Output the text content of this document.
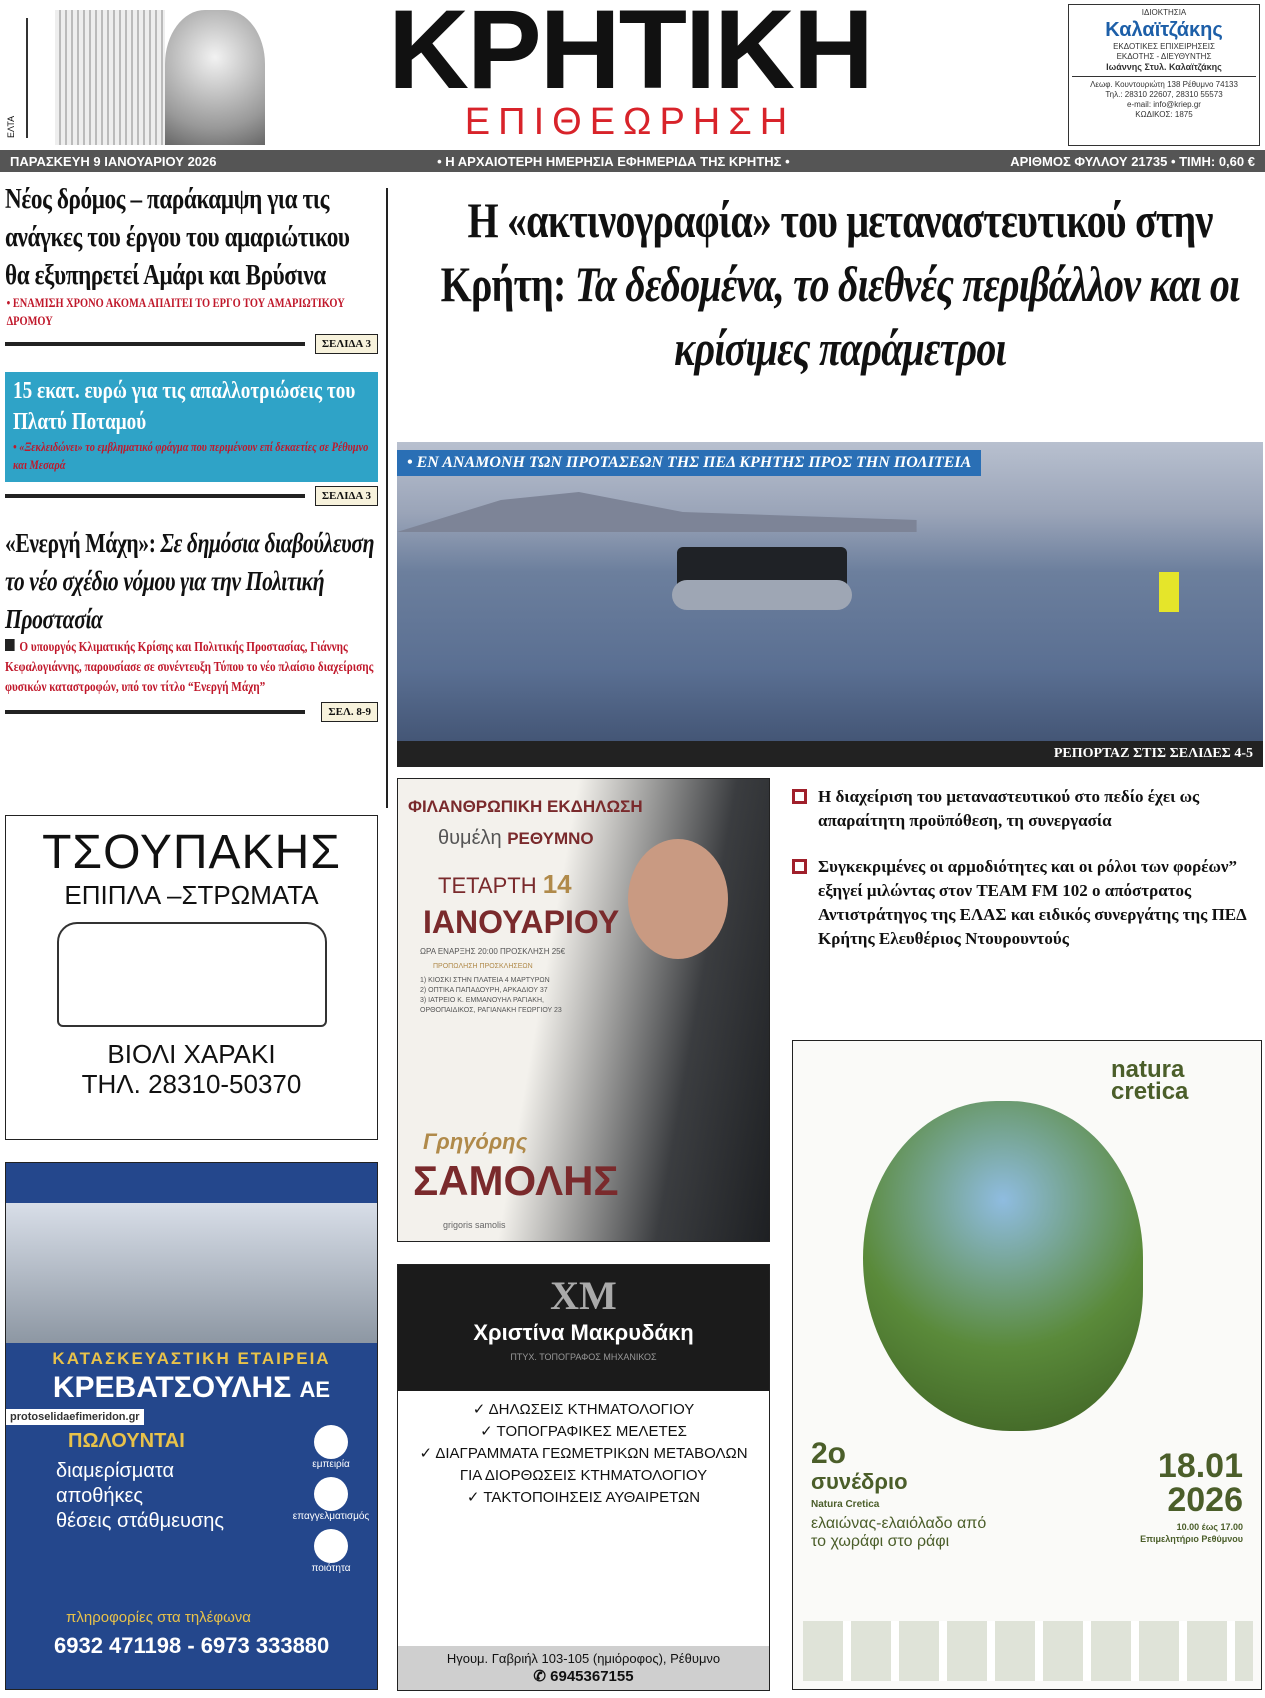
ΕΛΤΑ
ΚΡΗΤΙΚΗ
ΕΠΙΘΕΩΡΗΣΗ
ΙΔΙΟΚΤΗΣΙΑ
Καλαϊτζάκης
ΕΚΔΟΤΙΚΕΣ ΕΠΙΧΕΙΡΗΣΕΙΣ
ΕΚΔΟΤΗΣ - ΔΙΕΥΘΥΝΤΗΣ
Ιωάννης Στυλ. Καλαϊτζάκης
Λεωφ. Κουντουριώτη 138 Ρέθυμνο 74133
Τηλ.: 28310 22607, 28310 55573
e-mail: info@kriep.gr
ΚΩΔΙΚΟΣ: 1875
ΠΑΡΑΣΚΕΥΗ 9 ΙΑΝΟΥΑΡΙΟΥ 2026	• Η ΑΡΧΑΙΟΤΕΡΗ ΗΜΕΡΗΣΙΑ ΕΦΗΜΕΡΙΔΑ ΤΗΣ ΚΡΗΤΗΣ •	ΑΡΙΘΜΟΣ ΦΥΛΛΟΥ 21735 • ΤΙΜΗ: 0,60 €
Νέος δρόμος – παράκαμψη για τις ανάγκες του έργου του αμαριώτικου θα εξυπηρετεί Αμάρι και Βρύσινα
• ΕΝΑΜΙΣΗ ΧΡΟΝΟ ΑΚΟΜΑ ΑΠΑΙΤΕΙ ΤΟ ΕΡΓΟ ΤΟΥ ΑΜΑΡΙΩΤΙΚΟΥ ΔΡΟΜΟΥ
ΣΕΛΙΔΑ 3
15 εκατ. ευρώ για τις απαλλοτριώσεις του Πλατύ Ποταμού
• «Ξεκλειδώνει» το εμβληματικό φράγμα που περιμένουν επί δεκαετίες σε Ρέθυμνο και Μεσαρά
ΣΕΛΙΔΑ 3
«Ενεργή Μάχη»: Σε δημόσια διαβούλευση το νέο σχέδιο νόμου για την Πολιτική Προστασία
Ο υπουργός Κλιματικής Κρίσης και Πολιτικής Προστασίας, Γιάννης Κεφαλογιάννης, παρουσίασε σε συνέντευξη Τύπου το νέο πλαίσιο διαχείρισης φυσικών καταστροφών, υπό τον τίτλο “Ενεργή Μάχη”
ΣΕΛ. 8-9
Η «ακτινογραφία» του μεταναστευτικού στην Κρήτη: Τα δεδομένα, το διεθνές περιβάλλον και οι κρίσιμες παράμετροι
• ΕΝ ΑΝΑΜΟΝΗ ΤΩΝ ΠΡΟΤΑΣΕΩΝ ΤΗΣ ΠΕΔ ΚΡΗΤΗΣ ΠΡΟΣ ΤΗΝ ΠΟΛΙΤΕΙΑ
ΡΕΠΟΡΤΑΖ ΣΤΙΣ ΣΕΛΙΔΕΣ 4-5
Η διαχείριση του μεταναστευτικού στο πεδίο έχει ως απαραίτητη προϋπόθεση, τη συνεργασία
Συγκεκριμένες οι αρμοδιότητες και οι ρόλοι των φορέων” εξηγεί μιλώντας στον TEAM FM 102 ο απόστρατος Αντιστράτηγος της ΕΛΑΣ και ειδικός συνεργάτης της ΠΕΔ Κρήτης Ελευθέριος Ντουρουντούς
ΤΣΟΥΠΑΚΗΣ
ΕΠΙΠΛΑ –ΣΤΡΩΜΑΤΑ
ΒΙΟΛΙ ΧΑΡΑΚΙ
ΤΗΛ. 28310-50370
ΚΑΤΑΣΚΕΥΑΣΤΙΚΗ ΕΤΑΙΡΕΙΑ
ΚΡΕΒΑΤΣΟΥΛΗΣ ΑΕ
protoselidaefimeridon.gr
ΠΩΛΟΥΝΤΑΙ
διαμερίσματα
αποθήκες
θέσεις στάθμευσης
εμπειρία
επαγγελματισμός
ποιότητα
πληροφορίες στα τηλέφωνα
6932 471198 - 6973 333880
ΦΙΛΑΝΘΡΩΠΙΚΗ ΕΚΔΗΛΩΣΗ
θυμέλη ΡΕΘΥΜΝΟ
ΤΕΤΑΡΤΗ 14
ΙΑΝΟΥΑΡΙΟΥ
ΩΡΑ ΕΝΑΡΞΗΣ 20:00 ΠΡΟΣΚΛΗΣΗ 25€
ΠΡΟΠΩΛΗΣΗ ΠΡΟΣΚΛΗΣΕΩΝ
1) ΚΙΟΣΚΙ ΣΤΗΝ ΠΛΑΤΕΙΑ 4 ΜΑΡΤΥΡΩΝ
2) ΟΠΤΙΚΑ ΠΑΠΑΔΟΥΡΗ, ΑΡΚΑΔΙΟΥ 37
3) ΙΑΤΡΕΙΟ Κ. ΕΜΜΑΝΟΥΗΛ ΡΑΓΙΑΚΗ, ΟΡΘΟΠΑΙΔΙΚΟΣ, ΡΑΓΙΑΝΑΚΗ ΓΕΩΡΓΙΟΥ 23
Γρηγόρης
ΣΑΜΟΛΗΣ
grigoris samolis
XM
Χριστίνα Μακρυδάκη
ΠΤΥΧ. ΤΟΠΟΓΡΑΦΟΣ ΜΗΧΑΝΙΚΟΣ
✓ ΔΗΛΩΣΕΙΣ ΚΤΗΜΑΤΟΛΟΓΙΟΥ
✓ ΤΟΠΟΓΡΑΦΙΚΕΣ ΜΕΛΕΤΕΣ
✓ ΔΙΑΓΡΑΜΜΑΤΑ ΓΕΩΜΕΤΡΙΚΩΝ ΜΕΤΑΒΟΛΩΝ
ΓΙΑ ΔΙΟΡΘΩΣΕΙΣ ΚΤΗΜΑΤΟΛΟΓΙΟΥ
✓ ΤΑΚΤΟΠΟΙΗΣΕΙΣ ΑΥΘΑΙΡΕΤΩΝ
Ηγουμ. Γαβριήλ 103-105 (ημιόροφος), Ρέθυμνο
✆ 6945367155
natura cretica
2ο
συνέδριο
Natura Cretica
ελαιώνας-ελαιόλαδο από το χωράφι στο ράφι
18.01
2026
10.00 έως 17.00
Επιμελητήριο Ρεθύμνου
